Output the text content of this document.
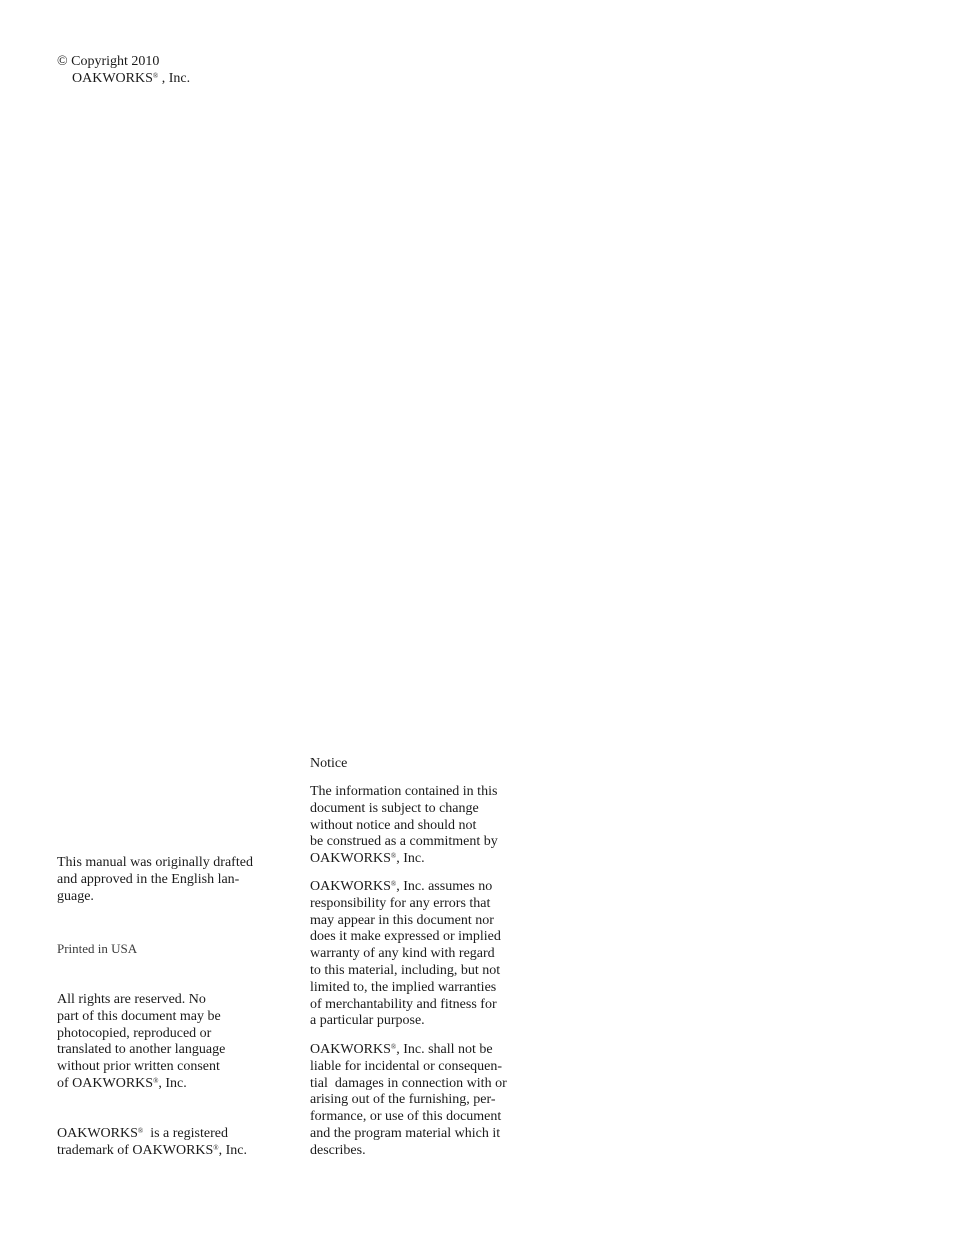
© Copyright 2010
OAKWORKS® , Inc.
This manual was originally drafted
and approved in the English lan-
guage.
Printed in USA
All rights are reserved. No
part of this document may be
photocopied, reproduced or
translated to another language
without prior written consent
of OAKWORKS®, Inc.
OAKWORKS®  is a registered
trademark of OAKWORKS®, Inc.
Notice
The information contained in this
document is subject to change
without notice and should not
be construed as a commitment by
OAKWORKS®, Inc.
OAKWORKS®, Inc. assumes no
responsibility for any errors that
may appear in this document nor
does it make expressed or implied
warranty of any kind with regard
to this material, including, but not
limited to, the implied warranties
of merchantability and fitness for
a particular purpose.
OAKWORKS®, Inc. shall not be
liable for incidental or consequen-
tial  damages in connection with or
arising out of the furnishing, per-
formance, or use of this document
and the program material which it
describes.
